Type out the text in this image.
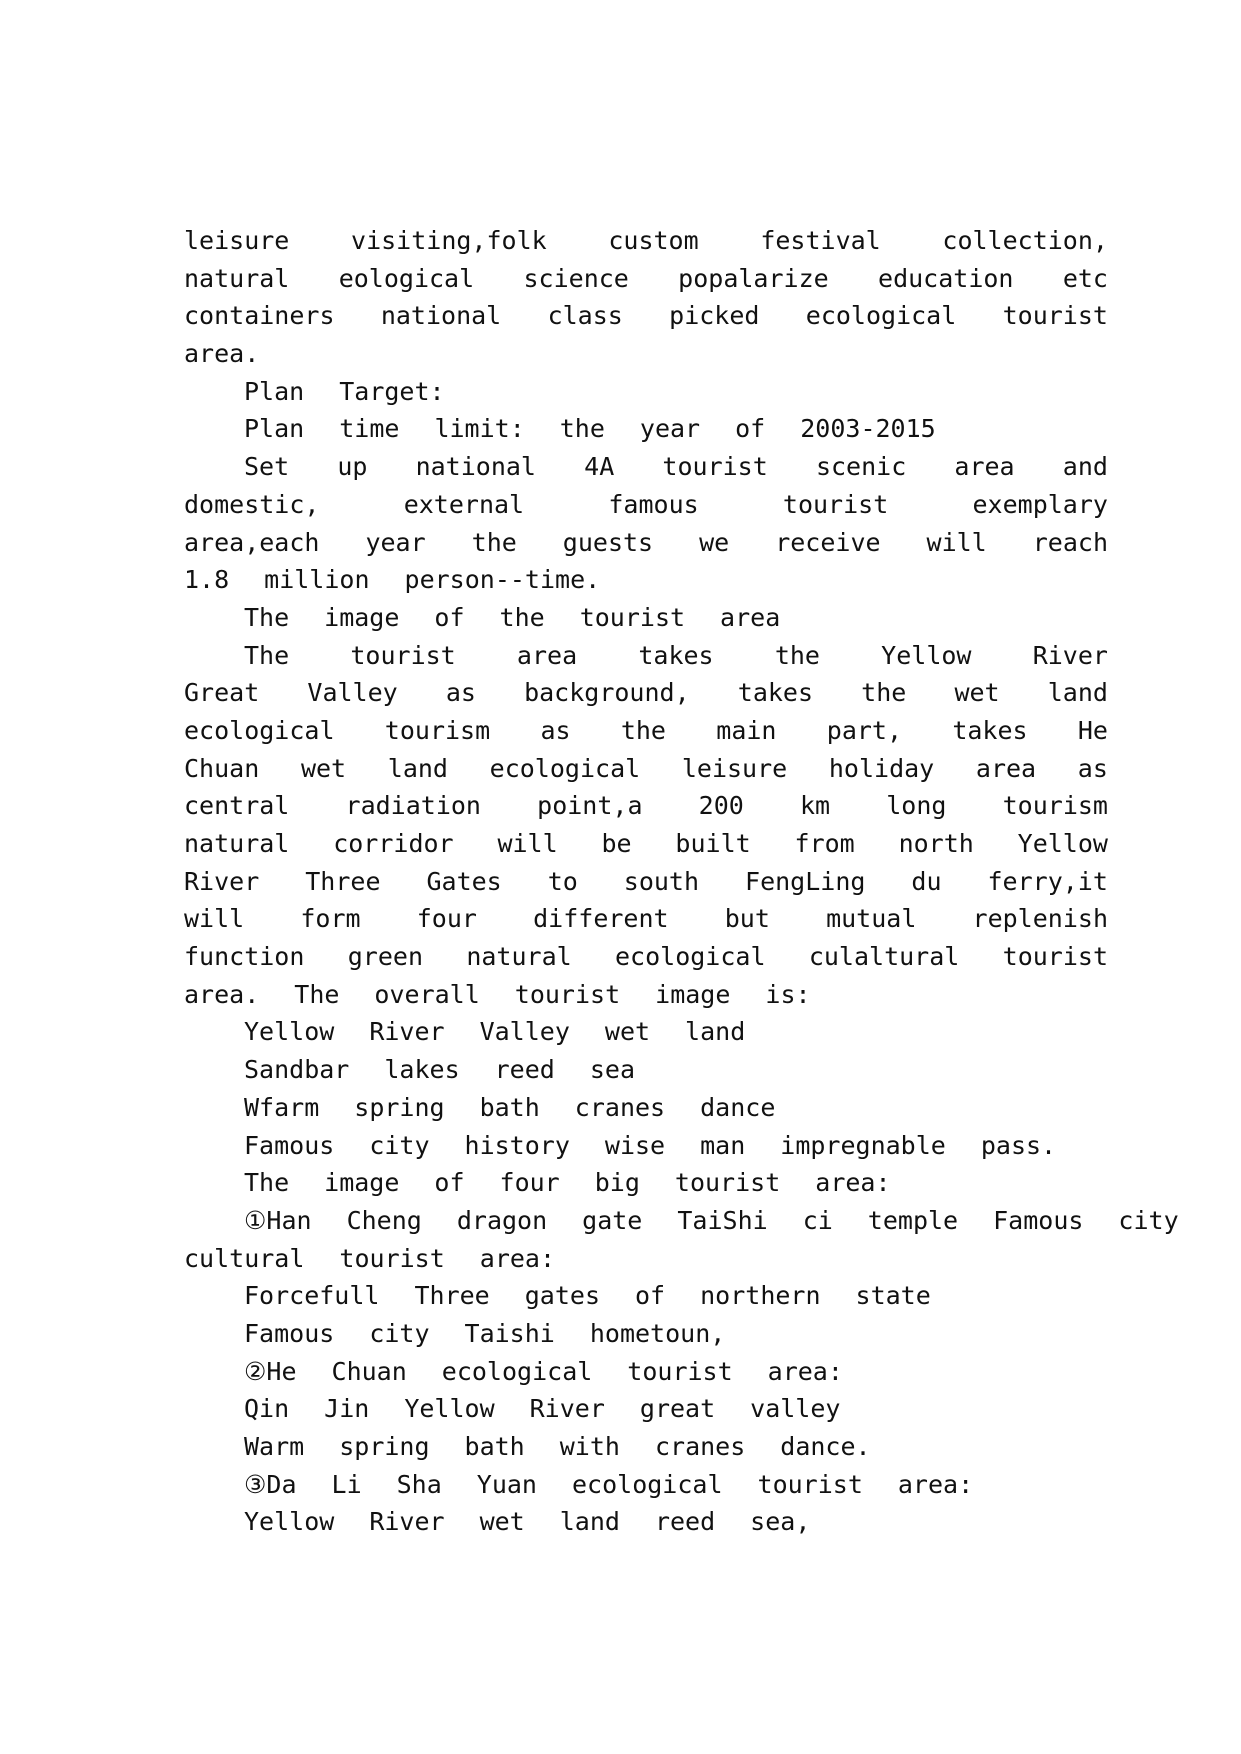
leisure visiting,folk custom festival collection,
natural eological science popalarize education etc
containers national class picked ecological tourist
area.
Plan Target:
Plan time limit: the year of 2003-2015
Set up national 4A tourist scenic area and
domestic,	external	famous	tourist	exemplary
area,each year the guests we receive will reach
1.8 million person--time.
The image of the tourist area
The tourist area takes the Yellow River
Great Valley as background, takes the wet land
ecological tourism as the main part, takes He
Chuan wet land ecological leisure holiday area as
central radiation point,a 200 km long tourism
natural corridor will be built from north Yellow
River Three Gates to south FengLing du ferry,it
will form four different but mutual replenish
function green natural ecological culaltural tourist
area. The overall tourist image is:
Yellow River Valley wet land
Sandbar lakes reed sea
Wfarm spring bath cranes dance
Famous city history wise man impregnable pass.
The image of four big tourist area:
①Han Cheng dragon gate TaiShi ci temple Famous city
cultural tourist area:
Forcefull Three gates of northern state
Famous city Taishi hometoun,
②He Chuan ecological tourist area:
Qin Jin Yellow River great valley
Warm spring bath with cranes dance.
③Da Li Sha Yuan ecological tourist area:
Yellow River wet land reed sea,
